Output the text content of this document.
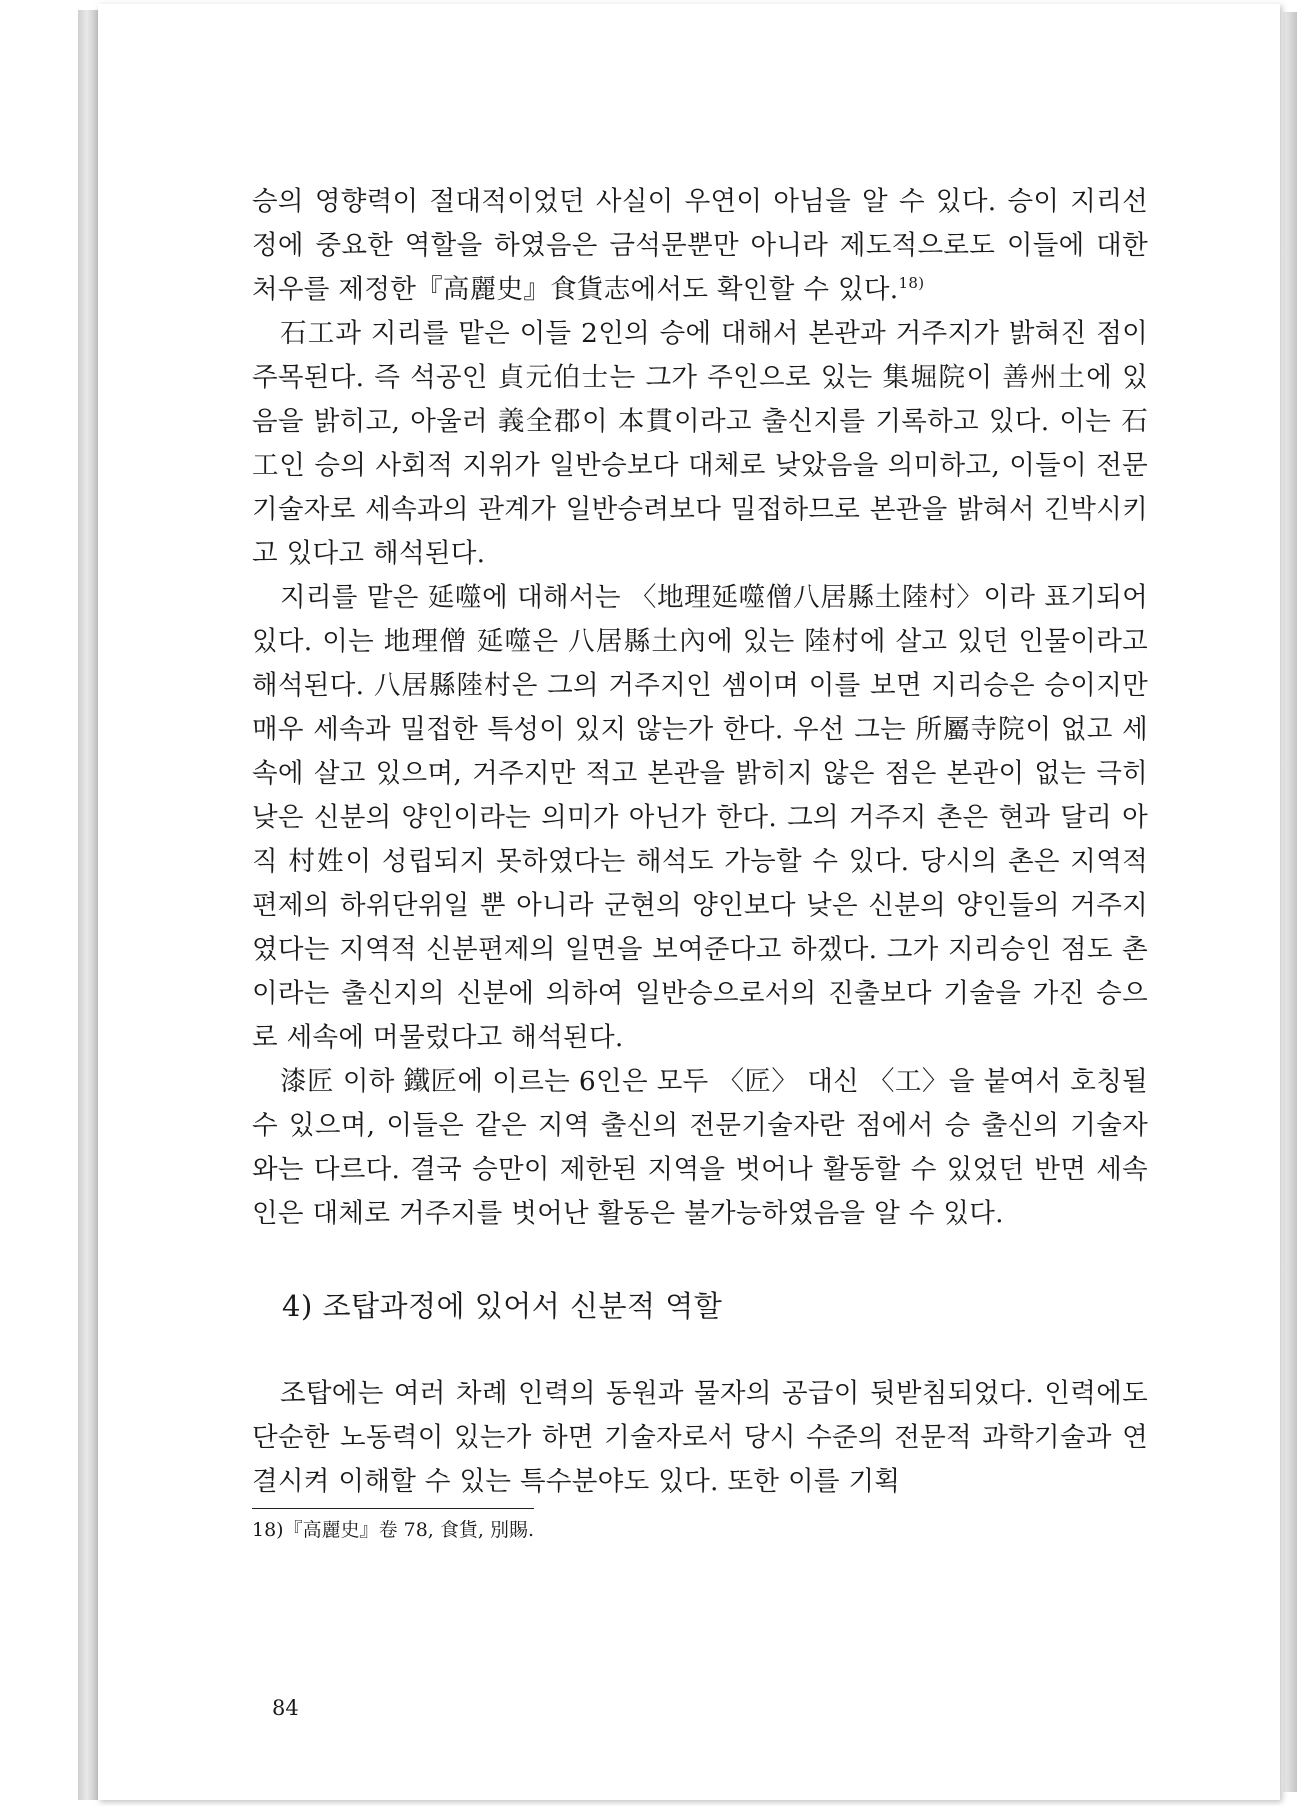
승의 영향력이 절대적이었던 사실이 우연이 아님을 알 수 있다. 승이 지리선정에 중요한 역할을 하였음은 금석문뿐만 아니라 제도적으로도 이들에 대한 처우를 제정한『高麗史』食貨志에서도 확인할 수 있다.$^{18)}$

石工과 지리를 맡은 이들 2인의 승에 대해서 본관과 거주지가 밝혀진 점이 주목된다. 즉 석공인 貞元伯士는 그가 주인으로 있는 集堀院이 善州土에 있음을 밝히고, 아울러 義全郡이 本貫이라고 출신지를 기록하고 있다. 이는 石工인 승의 사회적 지위가 일반승보다 대체로 낮았음을 의미하고, 이들이 전문기술자로 세속과의 관계가 일반승려보다 밀접하므로 본관을 밝혀서 긴박시키고 있다고 해석된다.

지리를 맡은 延噬에 대해서는 〈地理延噬僧八居縣土陸村〉이라 표기되어 있다. 이는 地理僧 延噬은 八居縣土內에 있는 陸村에 살고 있던 인물이라고 해석된다. 八居縣陸村은 그의 거주지인 셈이며 이를 보면 지리승은 승이지만 매우 세속과 밀접한 특성이 있지 않는가 한다. 우선 그는 所屬寺院이 없고 세속에 살고 있으며, 거주지만 적고 본관을 밝히지 않은 점은 본관이 없는 극히 낮은 신분의 양인이라는 의미가 아닌가 한다. 그의 거주지 촌은 현과 달리 아직 村姓이 성립되지 못하였다는 해석도 가능할 수 있다. 당시의 촌은 지역적 편제의 하위단위일 뿐 아니라 군현의 양인보다 낮은 신분의 양인들의 거주지였다는 지역적 신분편제의 일면을 보여준다고 하겠다. 그가 지리승인 점도 촌이라는 출신지의 신분에 의하여 일반승으로서의 진출보다 기술을 가진 승으로 세속에 머물렀다고 해석된다.

漆匠 이하 鐵匠에 이르는 6인은 모두 〈匠〉 대신 〈工〉을 붙여서 호칭될 수 있으며, 이들은 같은 지역 출신의 전문기술자란 점에서 승 출신의 기술자와는 다르다. 결국 승만이 제한된 지역을 벗어나 활동할 수 있었던 반면 세속인은 대체로 거주지를 벗어난 활동은 불가능하였음을 알 수 있다.

4) 조탑과정에 있어서 신분적 역할

조탑에는 여러 차례 인력의 동원과 물자의 공급이 뒷받침되었다. 인력에도 단순한 노동력이 있는가 하면 기술자로서 당시 수준의 전문적 과학기술과 연결시켜 이해할 수 있는 특수분야도 있다. 또한 이를 기획

18)『高麗史』卷 78, 食貨, 別賜.

84
